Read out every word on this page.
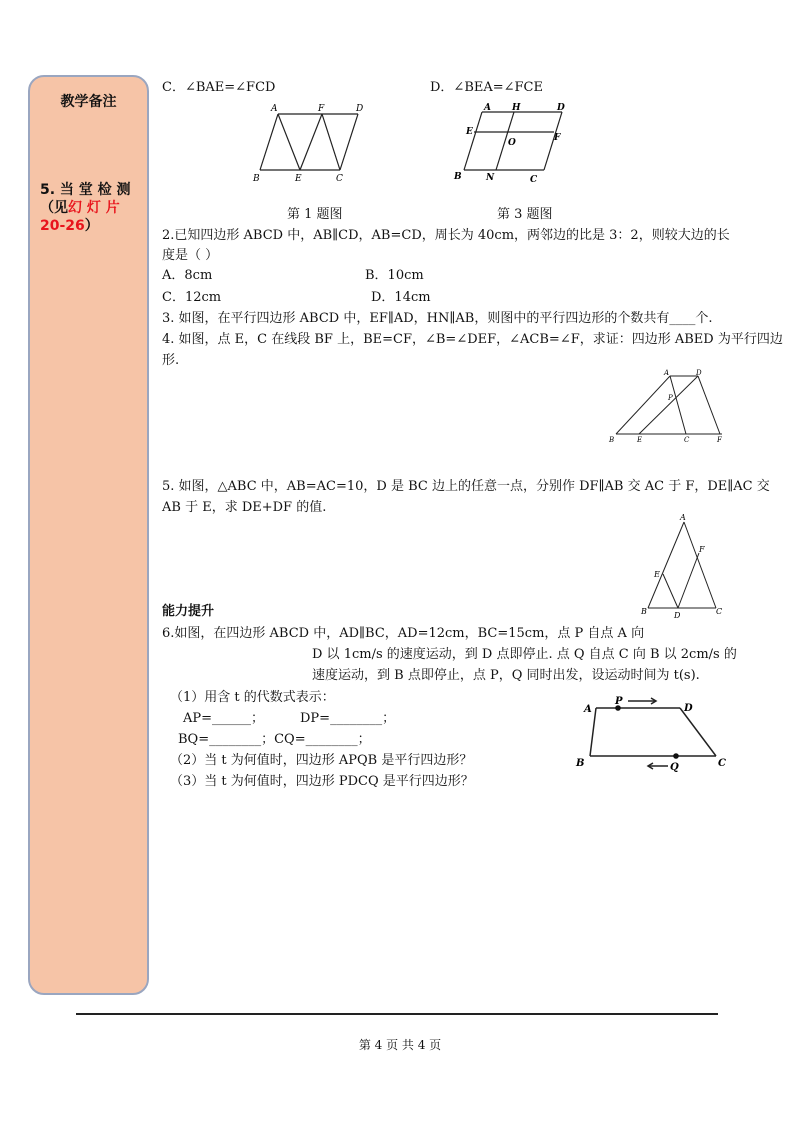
教学备注
5. 当 堂 检 测
（见幻 灯 片
20-26）
C．∠BAE=∠FCD	D．∠BEA=∠FCE
A	F	D
B	E	C
第 1 题图
A H	D
E
F
O
B	N	C
第 3 题图
2.已知四边形 ABCD 中，AB∥CD，AB=CD，周长为 40cm，两邻边的比是 3：2，则较大边的长
度是（ ）
A．8cm	B．10cm
C．12cm	D．14cm
3. 如图，在平行四边形 ABCD 中，EF∥AD，HN∥AB，则图中的平行四边形的个数共有____个.
4. 如图，点 E，C 在线段 BF 上，BE=CF，∠B=∠DEF，∠ACB=∠F，求证：四边形 ABED 为平行四边
形.
A	D
P
B	E	C	F
5. 如图，△ABC 中，AB=AC=10，D 是 BC 边上的任意一点，分别作 DF∥AB 交 AC 于 F，DE∥AC 交
AB 于 E，求 DE+DF 的值.
A
F
E
B	D	C
能力提升
6.如图，在四边形 ABCD 中，AD∥BC，AD=12cm，BC=15cm，点 P 自点 A 向
D 以 1cm/s 的速度运动，到 D 点即停止. 点 Q 自点 C 向 B 以 2cm/s 的
速度运动，到 B 点即停止，点 P，Q 同时出发，设运动时间为 t(s).
（1）用含 t 的代数式表示：
AP=______；	DP=________；
BQ=________；CQ=________；
（2）当 t 为何值时，四边形 APQB 是平行四边形？
（3）当 t 为何值时，四边形 PDCQ 是平行四边形？
A
P
D
B	Q	C
第 4 页 共 4 页
